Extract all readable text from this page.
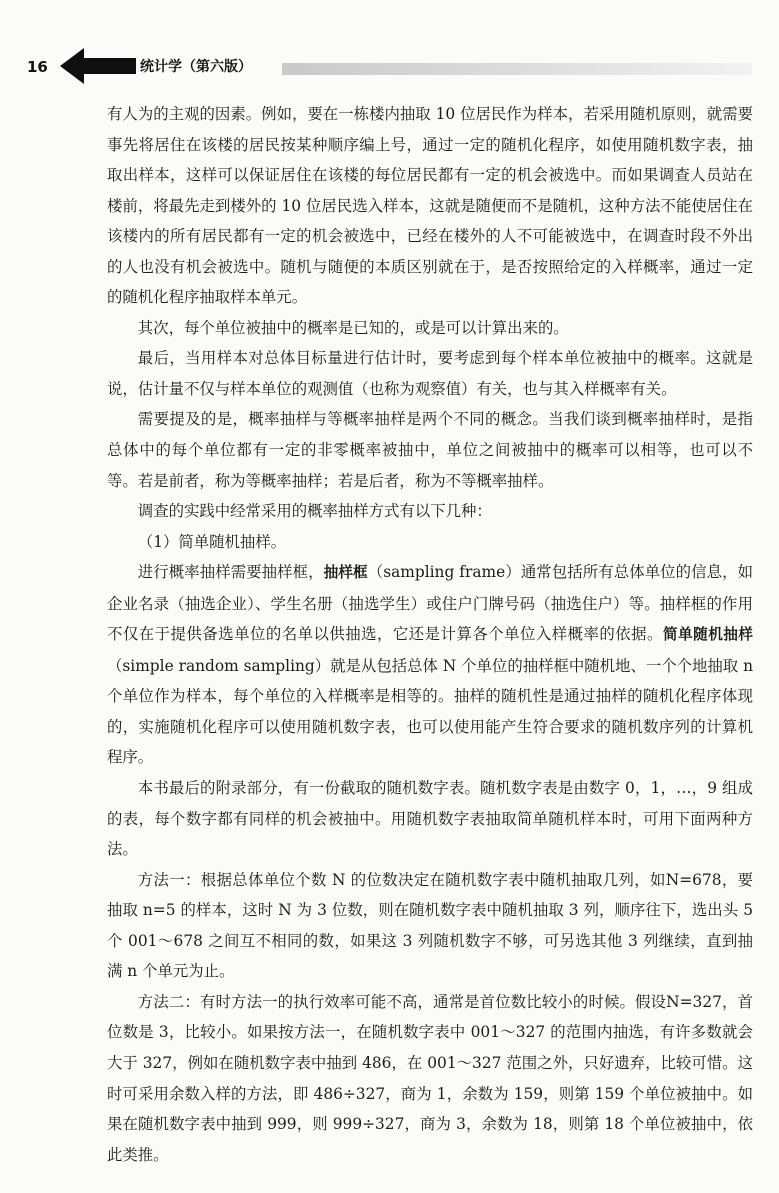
16	统计学（第六版）

有人为的主观的因素。例如，要在一栋楼内抽取 10 位居民作为样本，若采用随机原则，就需要事先将居住在该楼的居民按某种顺序编上号，通过一定的随机化程序，如使用随机数字表，抽取出样本，这样可以保证居住在该楼的每位居民都有一定的机会被选中。而如果调查人员站在楼前，将最先走到楼外的 10 位居民选入样本，这就是随便而不是随机，这种方法不能使居住在该楼内的所有居民都有一定的机会被选中，已经在楼外的人不可能被选中，在调查时段不外出的人也没有机会被选中。随机与随便的本质区别就在于，是否按照给定的入样概率，通过一定的随机化程序抽取样本单元。

其次，每个单位被抽中的概率是已知的，或是可以计算出来的。

最后，当用样本对总体目标量进行估计时，要考虑到每个样本单位被抽中的概率。这就是说，估计量不仅与样本单位的观测值（也称为观察值）有关，也与其入样概率有关。

需要提及的是，概率抽样与等概率抽样是两个不同的概念。当我们谈到概率抽样时，是指总体中的每个单位都有一定的非零概率被抽中，单位之间被抽中的概率可以相等，也可以不等。若是前者，称为等概率抽样；若是后者，称为不等概率抽样。

调查的实践中经常采用的概率抽样方式有以下几种：

（1）简单随机抽样。

进行概率抽样需要抽样框，抽样框（sampling frame）通常包括所有总体单位的信息，如企业名录（抽选企业）、学生名册（抽选学生）或住户门牌号码（抽选住户）等。抽样框的作用不仅在于提供备选单位的名单以供抽选，它还是计算各个单位入样概率的依据。简单随机抽样（simple random sampling）就是从包括总体 N 个单位的抽样框中随机地、一个个地抽取 n 个单位作为样本，每个单位的入样概率是相等的。抽样的随机性是通过抽样的随机化程序体现的，实施随机化程序可以使用随机数字表，也可以使用能产生符合要求的随机数序列的计算机程序。

本书最后的附录部分，有一份截取的随机数字表。随机数字表是由数字 0，1，…，9 组成的表，每个数字都有同样的机会被抽中。用随机数字表抽取简单随机样本时，可用下面两种方法。

方法一：根据总体单位个数 N 的位数决定在随机数字表中随机抽取几列，如N=678，要抽取 n=5 的样本，这时 N 为 3 位数，则在随机数字表中随机抽取 3 列，顺序往下，选出头 5 个 001～678 之间互不相同的数，如果这 3 列随机数字不够，可另选其他 3 列继续，直到抽满 n 个单元为止。

方法二：有时方法一的执行效率可能不高，通常是首位数比较小的时候。假设N=327，首位数是 3，比较小。如果按方法一，在随机数字表中 001～327 的范围内抽选，有许多数就会大于 327，例如在随机数字表中抽到 486，在 001～327 范围之外，只好遗弃，比较可惜。这时可采用余数入样的方法，即 486÷327，商为 1，余数为 159，则第 159 个单位被抽中。如果在随机数字表中抽到 999，则 999÷327，商为 3，余数为 18，则第 18 个单位被抽中，依此类推。
